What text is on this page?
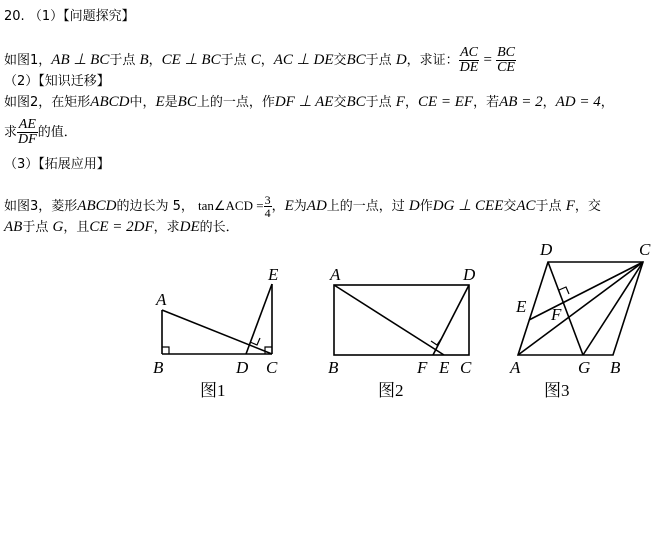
20. （1）【问题探究】
如图1，AB ⊥ BC于点 B，CE ⊥ BC于点 C，AC ⊥ DE交BC于点 D，求证： $\frac{AC}{DE} = \frac{BC}{CE}$
（2）【知识迁移】
如图2，在矩形ABCD中，E是BC上的一点，作DF ⊥ AE交BC于点 F，CE = EF，若AB = 2，AD = 4，
求 $\frac{AE}{DF}$ 的值．
（3）【拓展应用】
如图3，菱形ABCD的边长为 5， tan∠ACD = $\frac{3}{4}$ ，E为AD上的一点，过 D作DG ⊥ CEE交AC于点 F，交
AB于点 G，且CE = 2DF，求DE的长．
A
B	D C
E
图1
A	D
B	F E C
图2
D	C
E F
A	G B
图3
